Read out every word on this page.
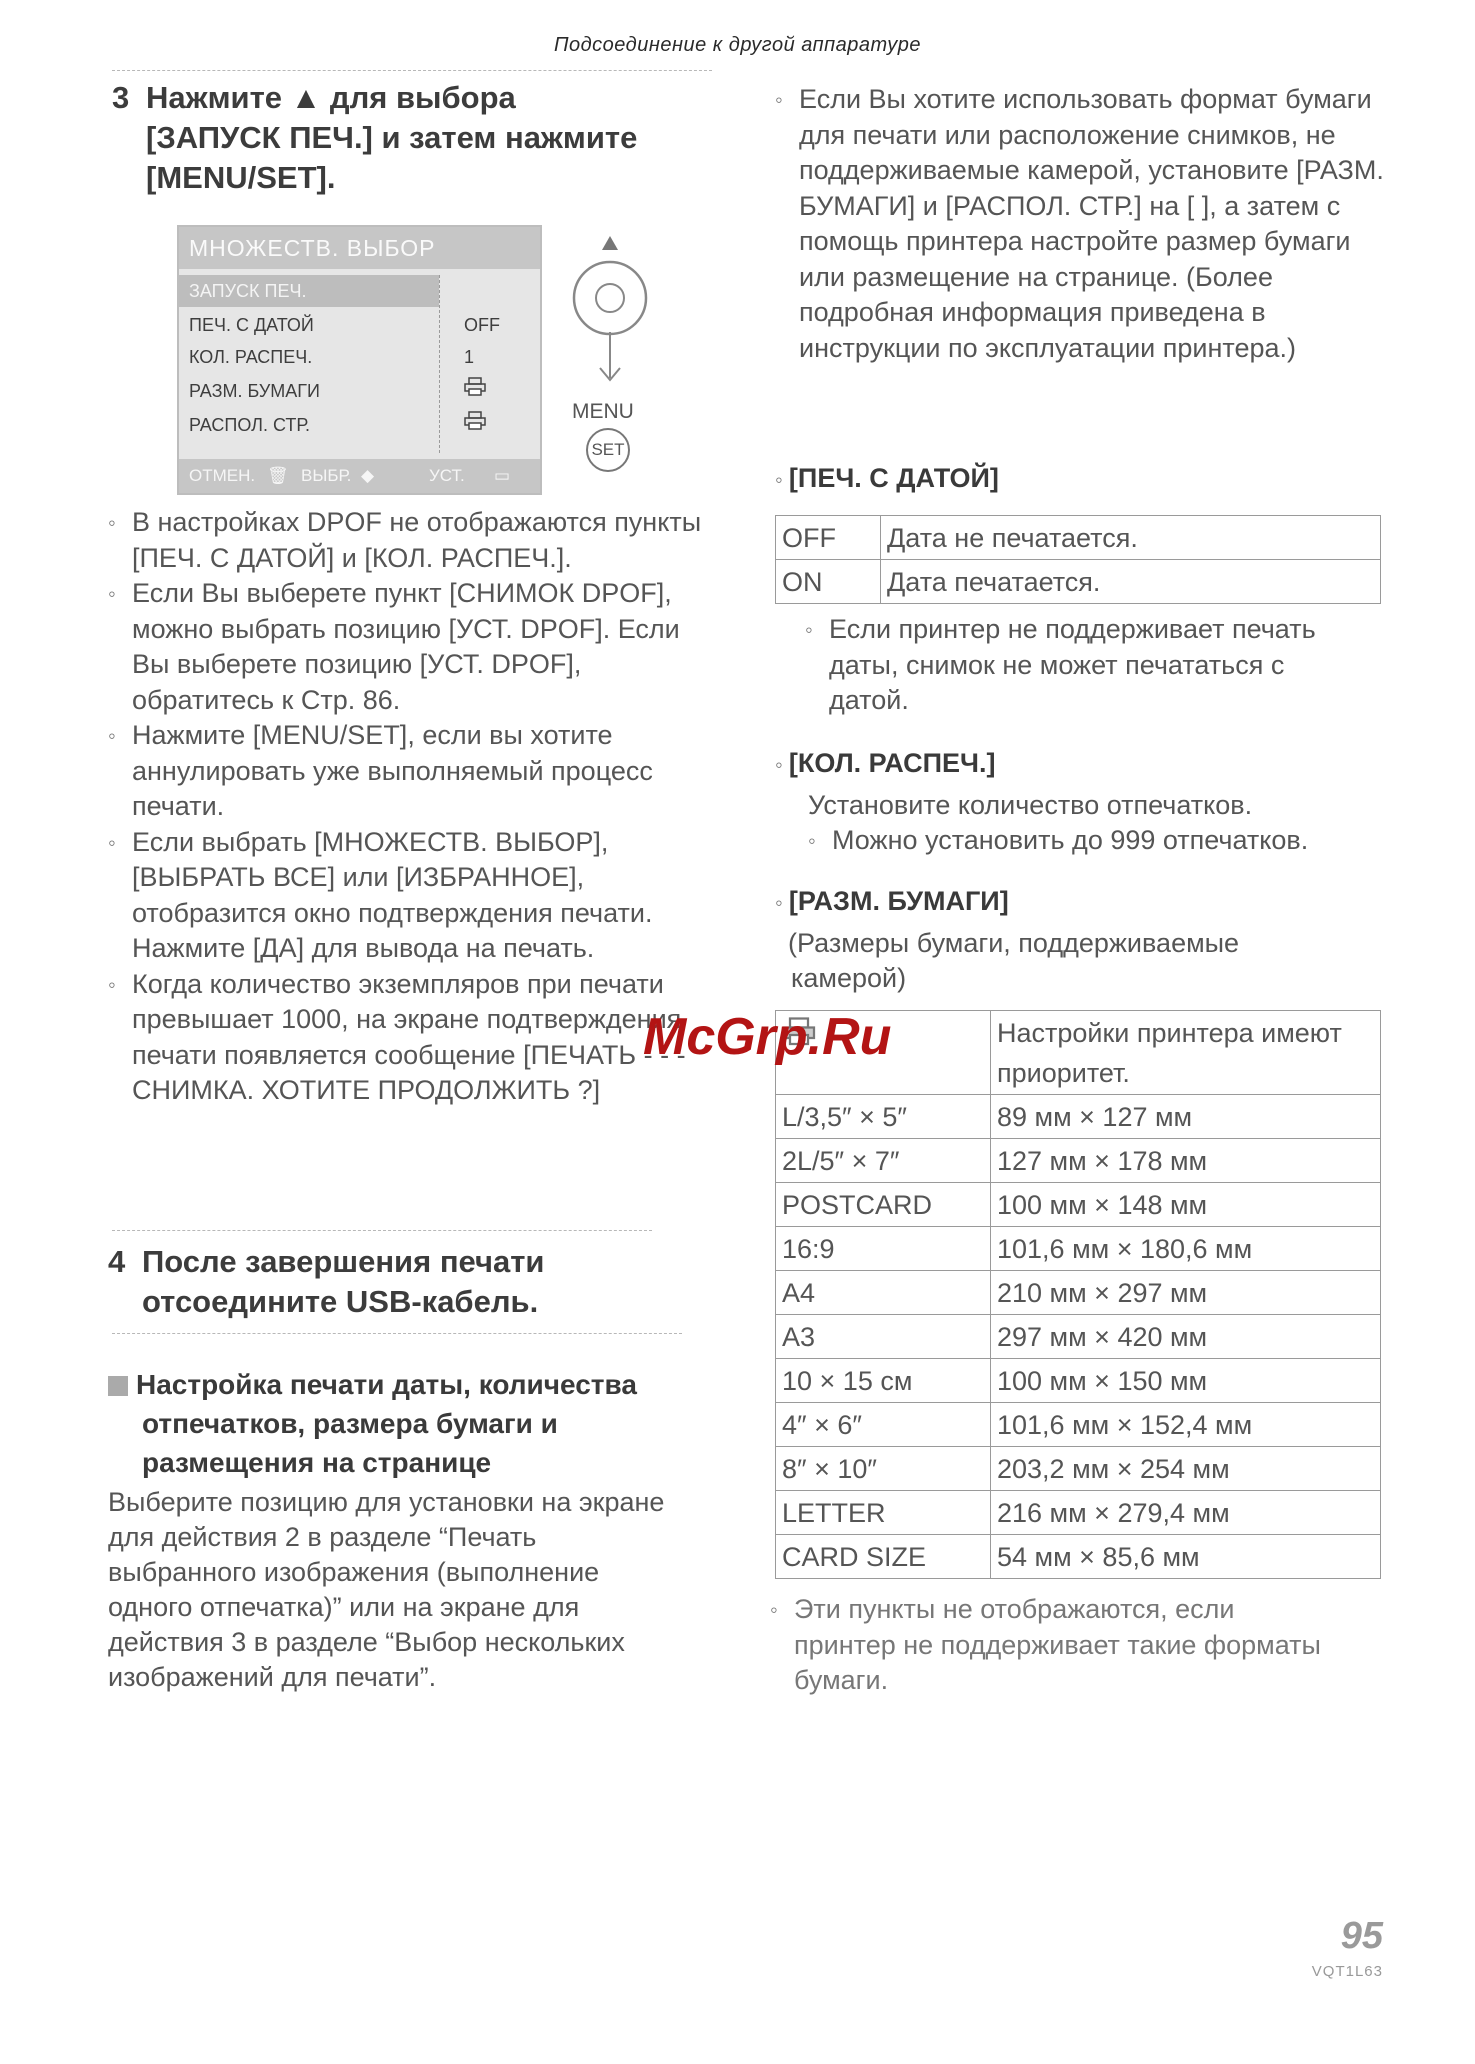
Подсоединение к другой аппаратуре
3 Нажмите ▲ для выбора
[ЗАПУСК ПЕЧ.] и затем нажмите
[MENU/SET].
МНОЖЕСТВ. ВЫБОР
ЗАПУСК ПЕЧ.
ПЕЧ. С ДАТОЙ	OFF
КОЛ. РАСПЕЧ.	1
РАЗМ. БУМАГИ
РАСПОЛ. СТР.
ОТМЕН. 🗑 ВЫБР. ◆	УСТ. ▭
MENU
SET
◦ В настройках DPOF не отображаются пункты [ПЕЧ. С ДАТОЙ] и [КОЛ. РАСПЕЧ.].
◦ Если Вы выберете пункт [СНИМОК DPOF], можно выбрать позицию [УСТ. DPOF]. Если Вы выберете позицию [УСТ. DPOF], обратитесь к Стр. 86.
◦ Нажмите [MENU/SET], если вы хотите аннулировать уже выполняемый процесс печати.
◦ Если выбрать [МНОЖЕСТВ. ВЫБОР], [ВЫБРАТЬ ВСЕ] или [ИЗБРАННОЕ], отобразится окно подтверждения печати. Нажмите [ДА] для вывода на печать.
◦ Когда количество экземпляров при печати превышает 1000, на экране подтверждения печати появляется сообщение [ПЕЧАТЬ - - - СНИМКА. ХОТИТЕ ПРОДОЛЖИТЬ ?]
4 После завершения печати
отсоедините USB-кабель.
Настройка печати даты, количества
отпечатков, размера бумаги и
размещения на странице
Выберите позицию для установки на экране для действия 2 в разделе “Печать выбранного изображения (выполнение одного отпечатка)” или на экране для действия 3 в разделе “Выбор нескольких изображений для печати”.
◦ Если Вы хотите использовать формат бумаги для печати или расположение снимков, не поддерживаемые камерой, установите [РАЗМ. БУМАГИ] и [РАСПОЛ. СТР.] на [ ], а затем с помощь принтера настройте размер бумаги или размещение на странице. (Более подробная информация приведена в инструкции по эксплуатации принтера.)
◦ [ПЕЧ. С ДАТОЙ]
OFF	Дата не печатается.
ON	Дата печатается.
◦ Если принтер не поддерживает печать даты, снимок не может печататься с датой.
◦ [КОЛ. РАСПЕЧ.]
Установите количество отпечатков.
◦ Можно установить до 999 отпечатков.
◦ [РАЗМ. БУМАГИ]
(Размеры бумаги, поддерживаемые камерой)
	Настройки принтера имеют приоритет.
L/3,5″ × 5″	89 мм × 127 мм
2L/5″ × 7″	127 мм × 178 мм
POSTCARD	100 мм × 148 мм
16:9	101,6 мм × 180,6 мм
A4	210 мм × 297 мм
A3	297 мм × 420 мм
10 × 15 см	100 мм × 150 мм
4″ × 6″	101,6 мм × 152,4 мм
8″ × 10″	203,2 мм × 254 мм
LETTER	216 мм × 279,4 мм
CARD SIZE	54 мм × 85,6 мм
◦ Эти пункты не отображаются, если принтер не поддерживает такие форматы бумаги.
McGrp.Ru
95
VQT1L63
